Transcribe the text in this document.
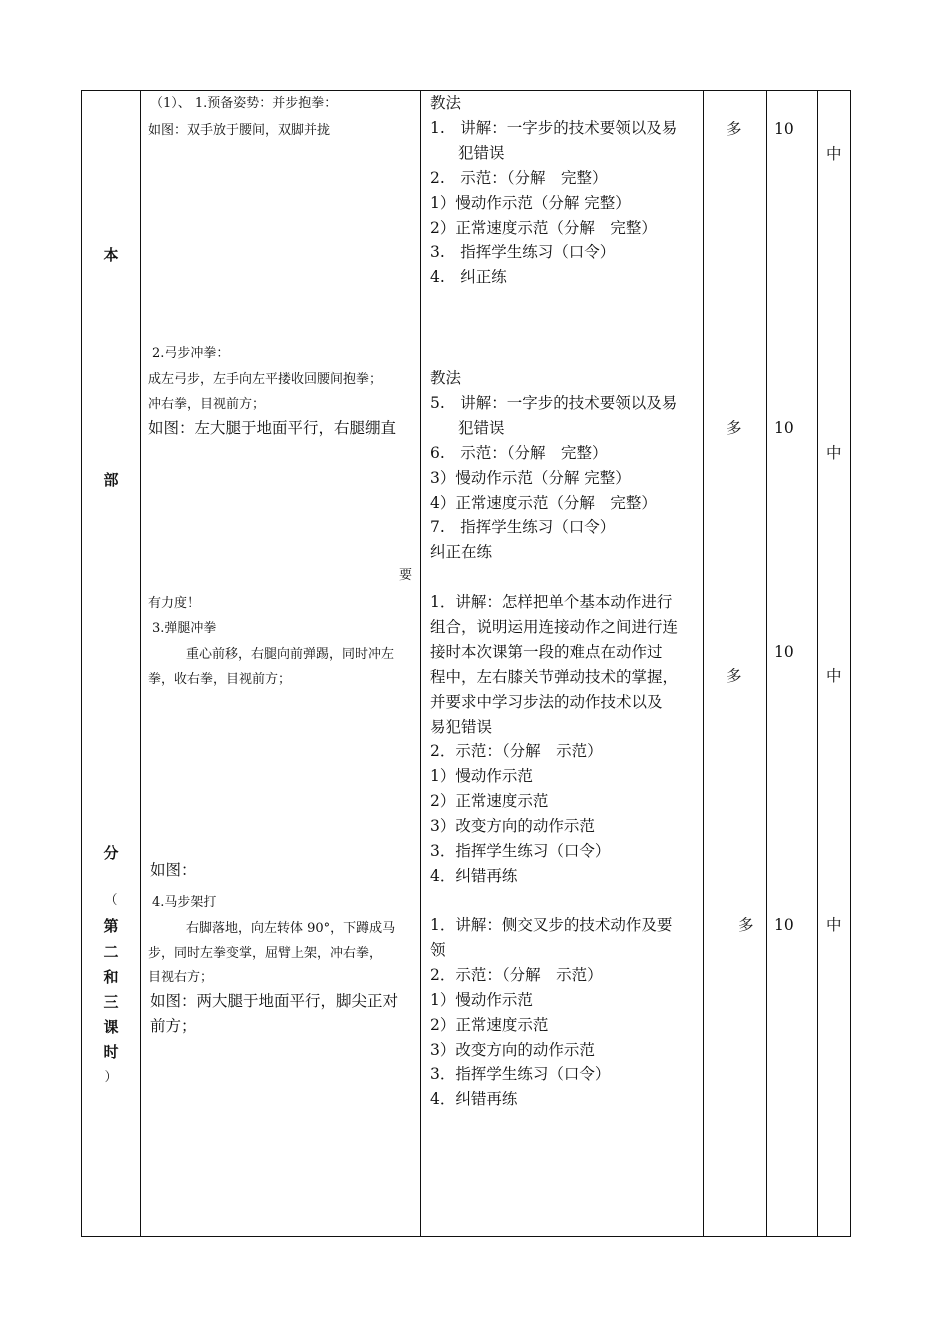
本
部
分
（
第
二
和
三
课
时
）
（1）、 1.预备姿势：并步抱拳：
如图：双手放于腰间，双脚并拢
2.弓步冲拳：
成左弓步，左手向左平搂收回腰间抱拳；
冲右拳，目视前方；
如图：左大腿于地面平行，右腿绷直
要
有力度！
3.弹腿冲拳
重心前移，右腿向前弹踢，同时冲左
拳，收右拳，目视前方；
如图：
4.马步架打
右脚落地，向左转体 90°，下蹲成马
步，同时左拳变掌，屈臂上架，冲右拳，
目视右方；
如图：两大腿于地面平行，脚尖正对
前方；
教法
1.　讲解：一字步的技术要领以及易
犯错误
2.　示范：（分解　完整）
1）慢动作示范（分解 完整）
2）正常速度示范（分解　完整）
3.　指挥学生练习（口令）
4.　纠正练
教法
5.　讲解：一字步的技术要领以及易
犯错误
6.　示范：（分解　完整）
3）慢动作示范（分解 完整）
4）正常速度示范（分解　完整）
7.　指挥学生练习（口令）
纠正在练
1．讲解：怎样把单个基本动作进行
组合，说明运用连接动作之间进行连
接时本次课第一段的难点在动作过
程中，左右膝关节弹动技术的掌握，
并要求中学习步法的动作技术以及
易犯错误
2．示范：（分解　示范）
1）慢动作示范
2）正常速度示范
3）改变方向的动作示范
3．指挥学生练习（口令）
4．纠错再练
1．讲解：侧交叉步的技术动作及要
领
2．示范：（分解　示范）
1）慢动作示范
2）正常速度示范
3）改变方向的动作示范
3．指挥学生练习（口令）
4．纠错再练
多 10
中
多 10
中
10
多	中
多 10 中
